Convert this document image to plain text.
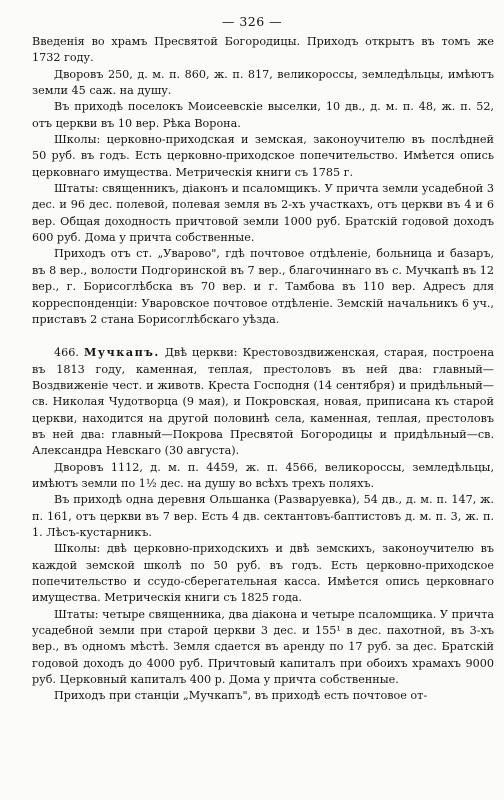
— 326 —

Введенія во храмъ Пресвятой Богородицы. Приходъ открытъ въ томъ же 1732 году.

Дворовъ 250, д. м. п. 860, ж. п. 817, великороссы, земледѣльцы, имѣютъ земли 45 саж. на душу.

Въ приходѣ поселокъ Моисеевскіе выселки, 10 дв., д. м. п. 48, ж. п. 52, отъ церкви въ 10 вер. Рѣка Ворона.

Школы: церковно-приходская и земская, законоучителю въ послѣдней 50 руб. въ годъ. Есть церковно-приходское попечительство. Имѣется опись церковнаго имущества. Метрическія книги съ 1785 г.

Штаты: священникъ, діаконъ и псаломщикъ. У причта земли усадебной 3 дес. и 96 дес. полевой, полевая земля въ 2-хъ участкахъ, отъ церкви въ 4 и 6 вер. Общая доходность причтовой земли 1000 руб. Братскій годовой доходъ 600 руб. Дома у причта собственные.

Приходъ отъ ст. „Уварово", гдѣ почтовое отдѣленіе, больница и базаръ, въ 8 вер., волости Подгоринской въ 7 вер., благочиннаго въ с. Мучкапѣ въ 12 вер., г. Борисоглѣбска въ 70 вер. и г. Тамбова въ 110 вер. Адресъ для корреспонденціи: Уваровское почтовое отдѣленіе. Земскій начальникъ 6 уч., приставъ 2 стана Борисоглѣбскаго уѣзда.

466. Мучкапъ. Двѣ церкви: Крестовоздвиженская, старая, построена въ 1813 году, каменная, теплая, престоловъ въ ней два: главный—Воздвиженіе чест. и животв. Креста Господня (14 сентября) и придѣльный—св. Николая Чудотворца (9 мая), и Покровская, новая, приписана къ старой церкви, находится на другой половинѣ села, каменная, теплая, престоловъ въ ней два: главный—Покрова Пресвятой Богородицы и придѣльный—св. Александра Невскаго (30 августа).

Дворовъ 1112, д. м. п. 4459, ж. п. 4566, великороссы, земледѣльцы, имѣютъ земли по 1½ дес. на душу во всѣхъ трехъ поляхъ.

Въ приходѣ одна деревня Ольшанка (Разваруевка), 54 дв., д. м. п. 147, ж. п. 161, отъ церкви въ 7 вер. Есть 4 дв. сектантовъ-баптистовъ д. м. п. 3, ж. п. 1. Лѣсъ-кустарникъ.

Школы: двѣ церковно-приходскихъ и двѣ земскихъ, законоучителю въ каждой земской школѣ по 50 руб. въ годъ. Есть церковно-приходское попечительство и ссудо-сберегательная касса. Имѣется опись церковнаго имущества. Метрическія книги съ 1825 года.

Штаты: четыре священника, два діакона и четыре псаломщика. У причта усадебной земли при старой церкви 3 дес. и 155¹ в дес. пахотной, въ 3-хъ вер., въ одномъ мѣстѣ. Земля сдается въ аренду по 17 руб. за дес. Братскій годовой доходъ до 4000 руб. Причтовый капиталъ при обоихъ храмахъ 9000 руб. Церковный капиталъ 400 р. Дома у причта собственные.

Приходъ при станціи „Мучкапъ", въ приходѣ есть почтовое от-
